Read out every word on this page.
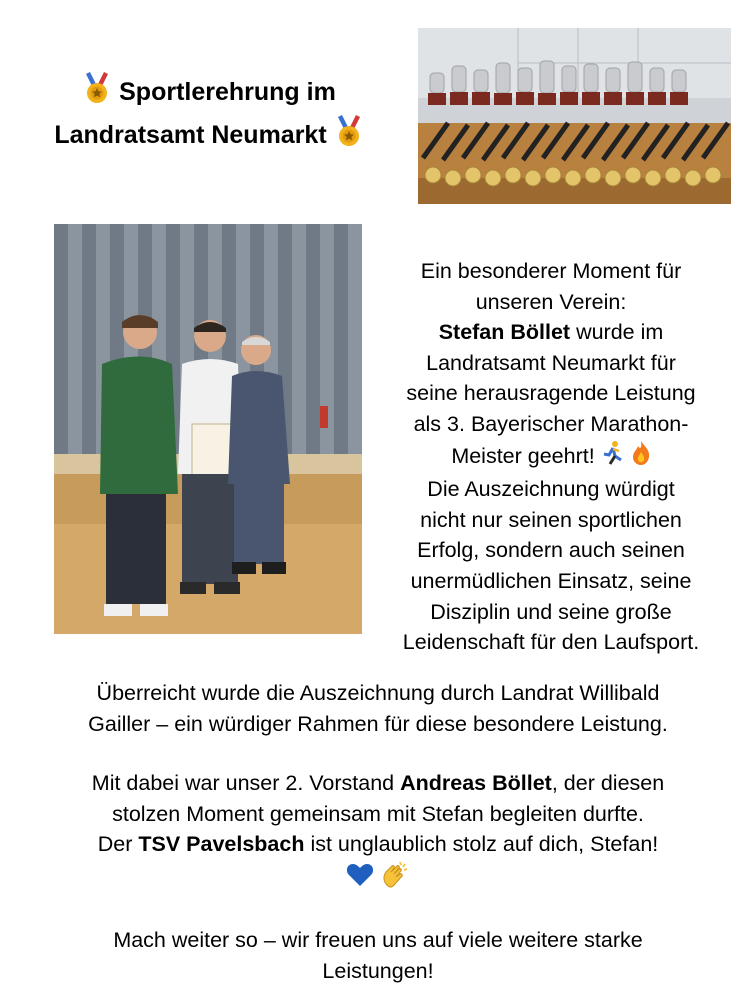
Sportlerehrung im
Landratsamt Neumarkt
Ein besonderer Moment für
unseren Verein:
Stefan Böllet wurde im
Landratsamt Neumarkt für
seine herausragende Leistung
als 3. Bayerischer Marathon-
Meister geehrt!
Die Auszeichnung würdigt
nicht nur seinen sportlichen
Erfolg, sondern auch seinen
unermüdlichen Einsatz, seine
Disziplin und seine große
Leidenschaft für den Laufsport.
Überreicht wurde die Auszeichnung durch Landrat Willibald
Gailler – ein würdiger Rahmen für diese besondere Leistung.
Mit dabei war unser 2. Vorstand Andreas Böllet, der diesen
stolzen Moment gemeinsam mit Stefan begleiten durfte.
Der TSV Pavelsbach ist unglaublich stolz auf dich, Stefan!

Mach weiter so – wir freuen uns auf viele weitere starke
Leistungen!
